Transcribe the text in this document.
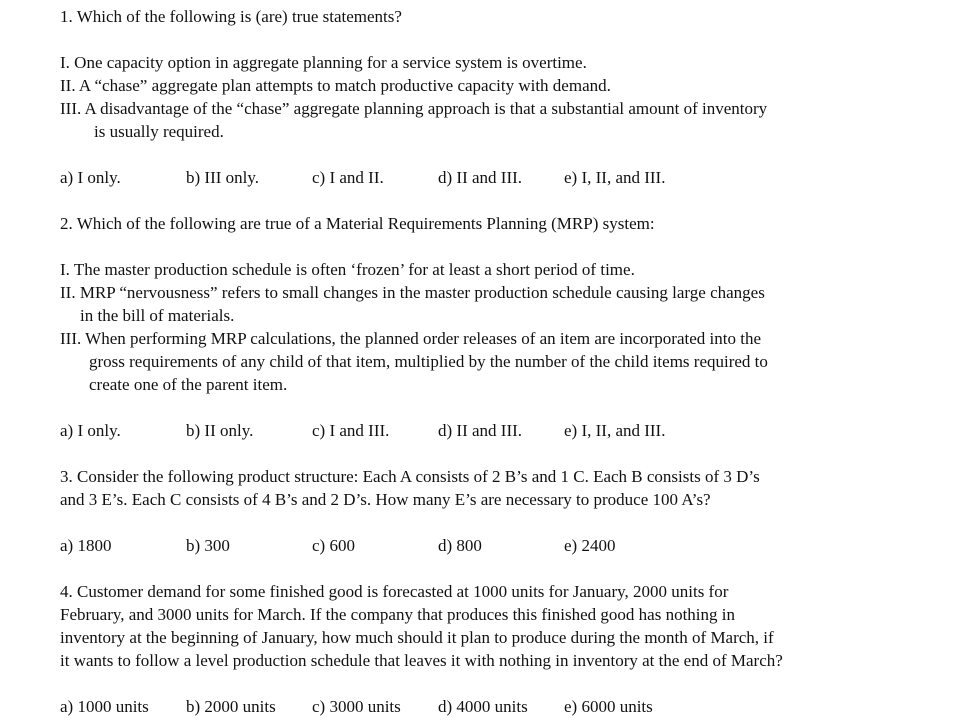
1. Which of the following is (are) true statements?
I. One capacity option in aggregate planning for a service system is overtime.
II. A “chase” aggregate plan attempts to match productive capacity with demand.
III. A disadvantage of the “chase” aggregate planning approach is that a substantial amount of inventory
is usually required.
a) I only.	b) III only.	c) I and II.	d) II and III. e) I, II, and III.
2. Which of the following are true of a Material Requirements Planning (MRP) system:
I. The master production schedule is often ‘frozen’ for at least a short period of time.
II. MRP “nervousness” refers to small changes in the master production schedule causing large changes
in the bill of materials.
III. When performing MRP calculations, the planned order releases of an item are incorporated into the
gross requirements of any child of that item, multiplied by the number of the child items required to
create one of the parent item.
a) I only.	b) II only.	c) I and III.	d) II and III. e) I, II, and III.
3. Consider the following product structure: Each A consists of 2 B’s and 1 C. Each B consists of 3 D’s
and 3 E’s. Each C consists of 4 B’s and 2 D’s. How many E’s are necessary to produce 100 A’s?
a) 1800	b) 300	c) 600	d) 800	e) 2400
4. Customer demand for some finished good is forecasted at 1000 units for January, 2000 units for
February, and 3000 units for March. If the company that produces this finished good has nothing in
inventory at the beginning of January, how much should it plan to produce during the month of March, if
it wants to follow a level production schedule that leaves it with nothing in inventory at the end of March?
a) 1000 units b) 2000 units c) 3000 units d) 4000 units e) 6000 units
